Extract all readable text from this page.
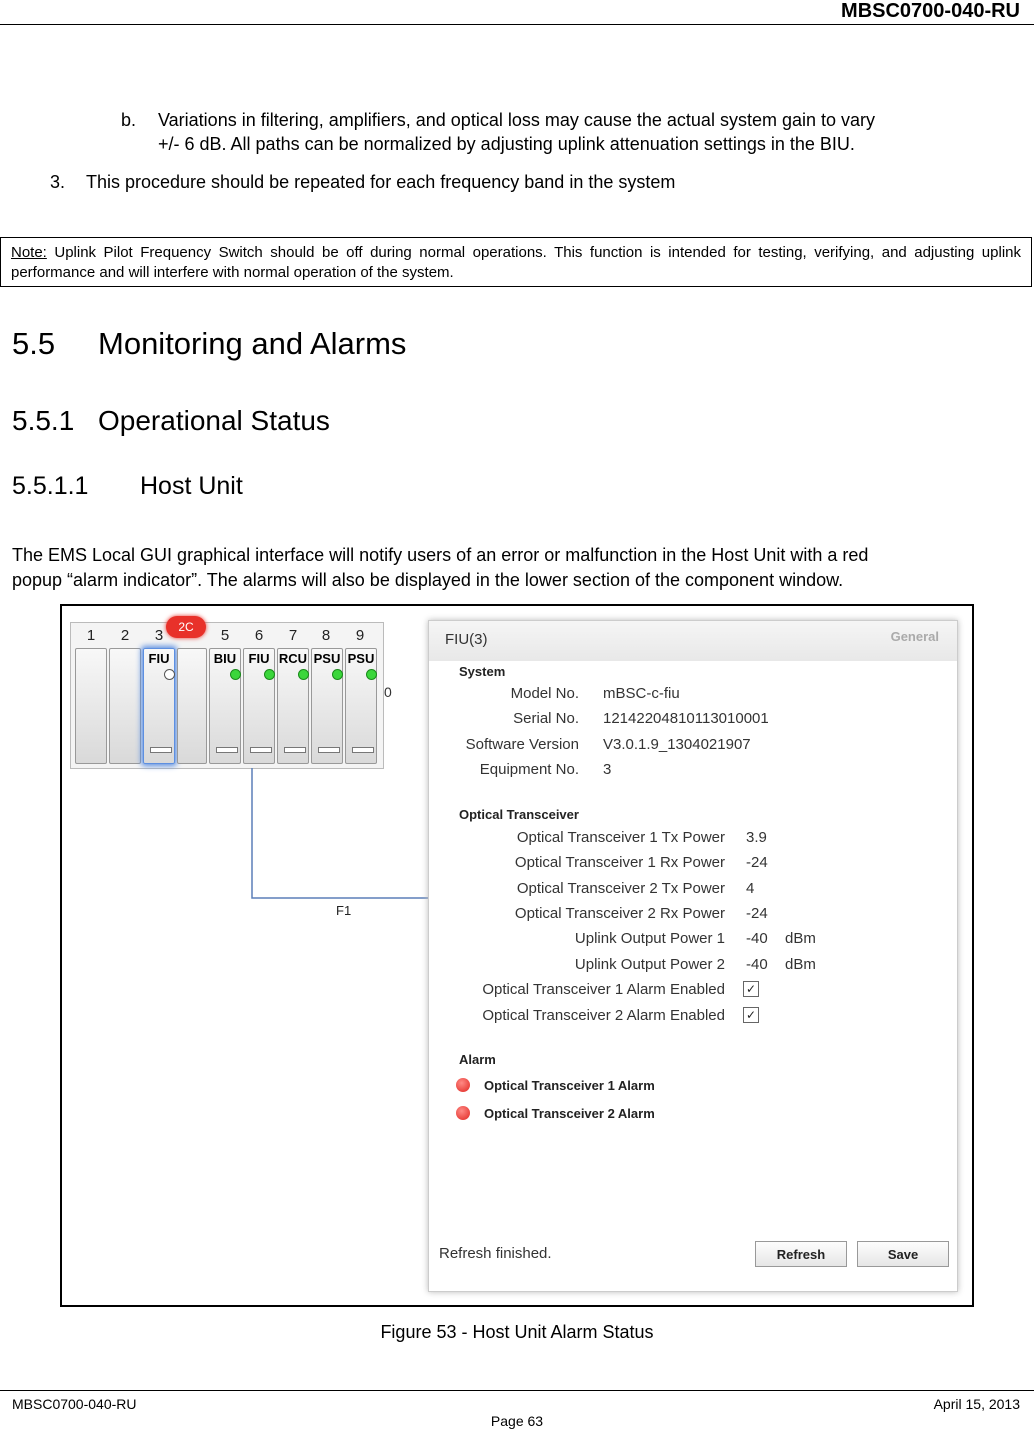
MBSC0700-040-RU
b. Variations in filtering, amplifiers, and optical loss may cause the actual system gain to vary
+/- 6 dB. All paths can be normalized by adjusting uplink attenuation settings in the BIU.
3. This procedure should be repeated for each frequency band in the system
Note: Uplink Pilot Frequency Switch should be off during normal operations. This function is intended for testing, verifying, and adjusting uplink performance and will interfere with normal operation of the system.
5.5 Monitoring and Alarms
5.5.1 Operational Status
5.5.1.1 Host Unit
The EMS Local GUI graphical interface will notify users of an error or malfunction in the Host Unit with a red
popup “alarm indicator”. The alarms will also be displayed in the lower section of the component window.
1	2	3	5	6	7	8	9
FIU	BIU FIU RCU PSU PSU
2C
0
F1
FIU(3)	General
System
Model No. mBSC-c-fiu
Serial No. 12142204810113010001
Software Version V3.0.1.9_1304021907
Equipment No. 3
Optical Transceiver
Optical Transceiver 1 Tx Power 3.9
Optical Transceiver 1 Rx Power -24
Optical Transceiver 2 Tx Power 4
Optical Transceiver 2 Rx Power -24
Uplink Output Power 1 -40 dBm
Uplink Output Power 2 -40 dBm
Optical Transceiver 1 Alarm Enabled ✓
Optical Transceiver 2 Alarm Enabled ✓
Alarm
Optical Transceiver 1 Alarm
Optical Transceiver 2 Alarm
Refresh finished.	Refresh	Save
Figure 53 - Host Unit Alarm Status
MBSC0700-040-RU
Page 63
April 15, 2013
